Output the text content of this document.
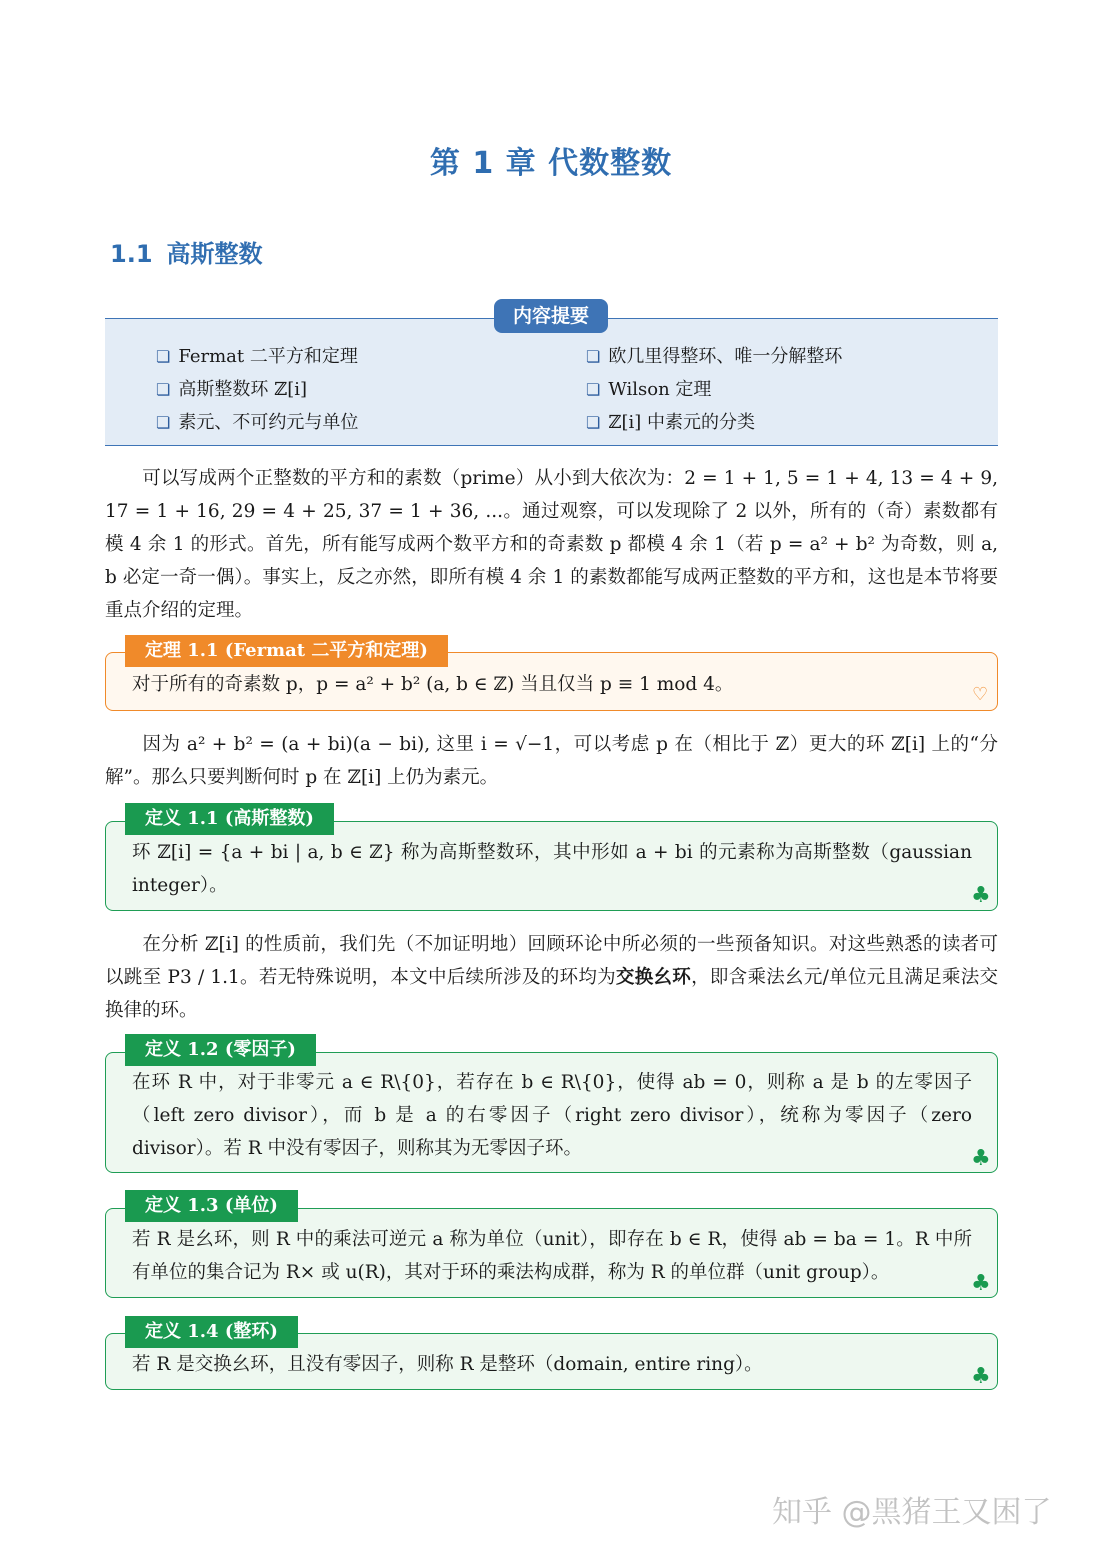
第 1 章 代数整数
1.1 高斯整数
内容提要
❏ Fermat 二平方和定理	❏ 欧几里得整环、唯一分解整环
❏ 高斯整数环 ℤ[i]	❏ Wilson 定理
❏ 素元、不可约元与单位	❏ ℤ[i] 中素元的分类
可以写成两个正整数的平方和的素数（prime）从小到大依次为：2 = 1 + 1, 5 = 1 + 4, 13 = 4 + 9, 17 = 1 + 16, 29 = 4 + 25, 37 = 1 + 36, ...。通过观察，可以发现除了 2 以外，所有的（奇）素数都有模 4 余 1 的形式。首先，所有能写成两个数平方和的奇素数 p 都模 4 余 1（若 p = a² + b² 为奇数，则 a, b 必定一奇一偶）。事实上，反之亦然，即所有模 4 余 1 的素数都能写成两正整数的平方和，这也是本节将要重点介绍的定理。
定理 1.1 (Fermat 二平方和定理)
对于所有的奇素数 p，p = a² + b² (a, b ∈ ℤ) 当且仅当 p ≡ 1 mod 4。	♡
因为 a² + b² = (a + bi)(a − bi), 这里 i = √−1，可以考虑 p 在（相比于 ℤ）更大的环 ℤ[i] 上的“分解”。那么只要判断何时 p 在 ℤ[i] 上仍为素元。
定义 1.1 (高斯整数)
环 ℤ[i] = {a + bi | a, b ∈ ℤ} 称为高斯整数环，其中形如 a + bi 的元素称为高斯整数（gaussian integer）。	♣
在分析 ℤ[i] 的性质前，我们先（不加证明地）回顾环论中所必须的一些预备知识。对这些熟悉的读者可以跳至 P3 / 1.1。若无特殊说明，本文中后续所涉及的环均为交换幺环，即含乘法幺元/单位元且满足乘法交换律的环。
定义 1.2 (零因子)
在环 R 中，对于非零元 a ∈ R\{0}，若存在 b ∈ R\{0}，使得 ab = 0，则称 a 是 b 的左零因子（left zero divisor），而 b 是 a 的右零因子（right zero divisor），统称为零因子（zero divisor）。若 R 中没有零因子，则称其为无零因子环。	♣
定义 1.3 (单位)
若 R 是幺环，则 R 中的乘法可逆元 a 称为单位（unit），即存在 b ∈ R，使得 ab = ba = 1。R 中所有单位的集合记为 R× 或 u(R)，其对于环的乘法构成群，称为 R 的单位群（unit group）。	♣
定义 1.4 (整环)
若 R 是交换幺环，且没有零因子，则称 R 是整环（domain, entire ring）。	♣
知乎 @黑猪王又困了
